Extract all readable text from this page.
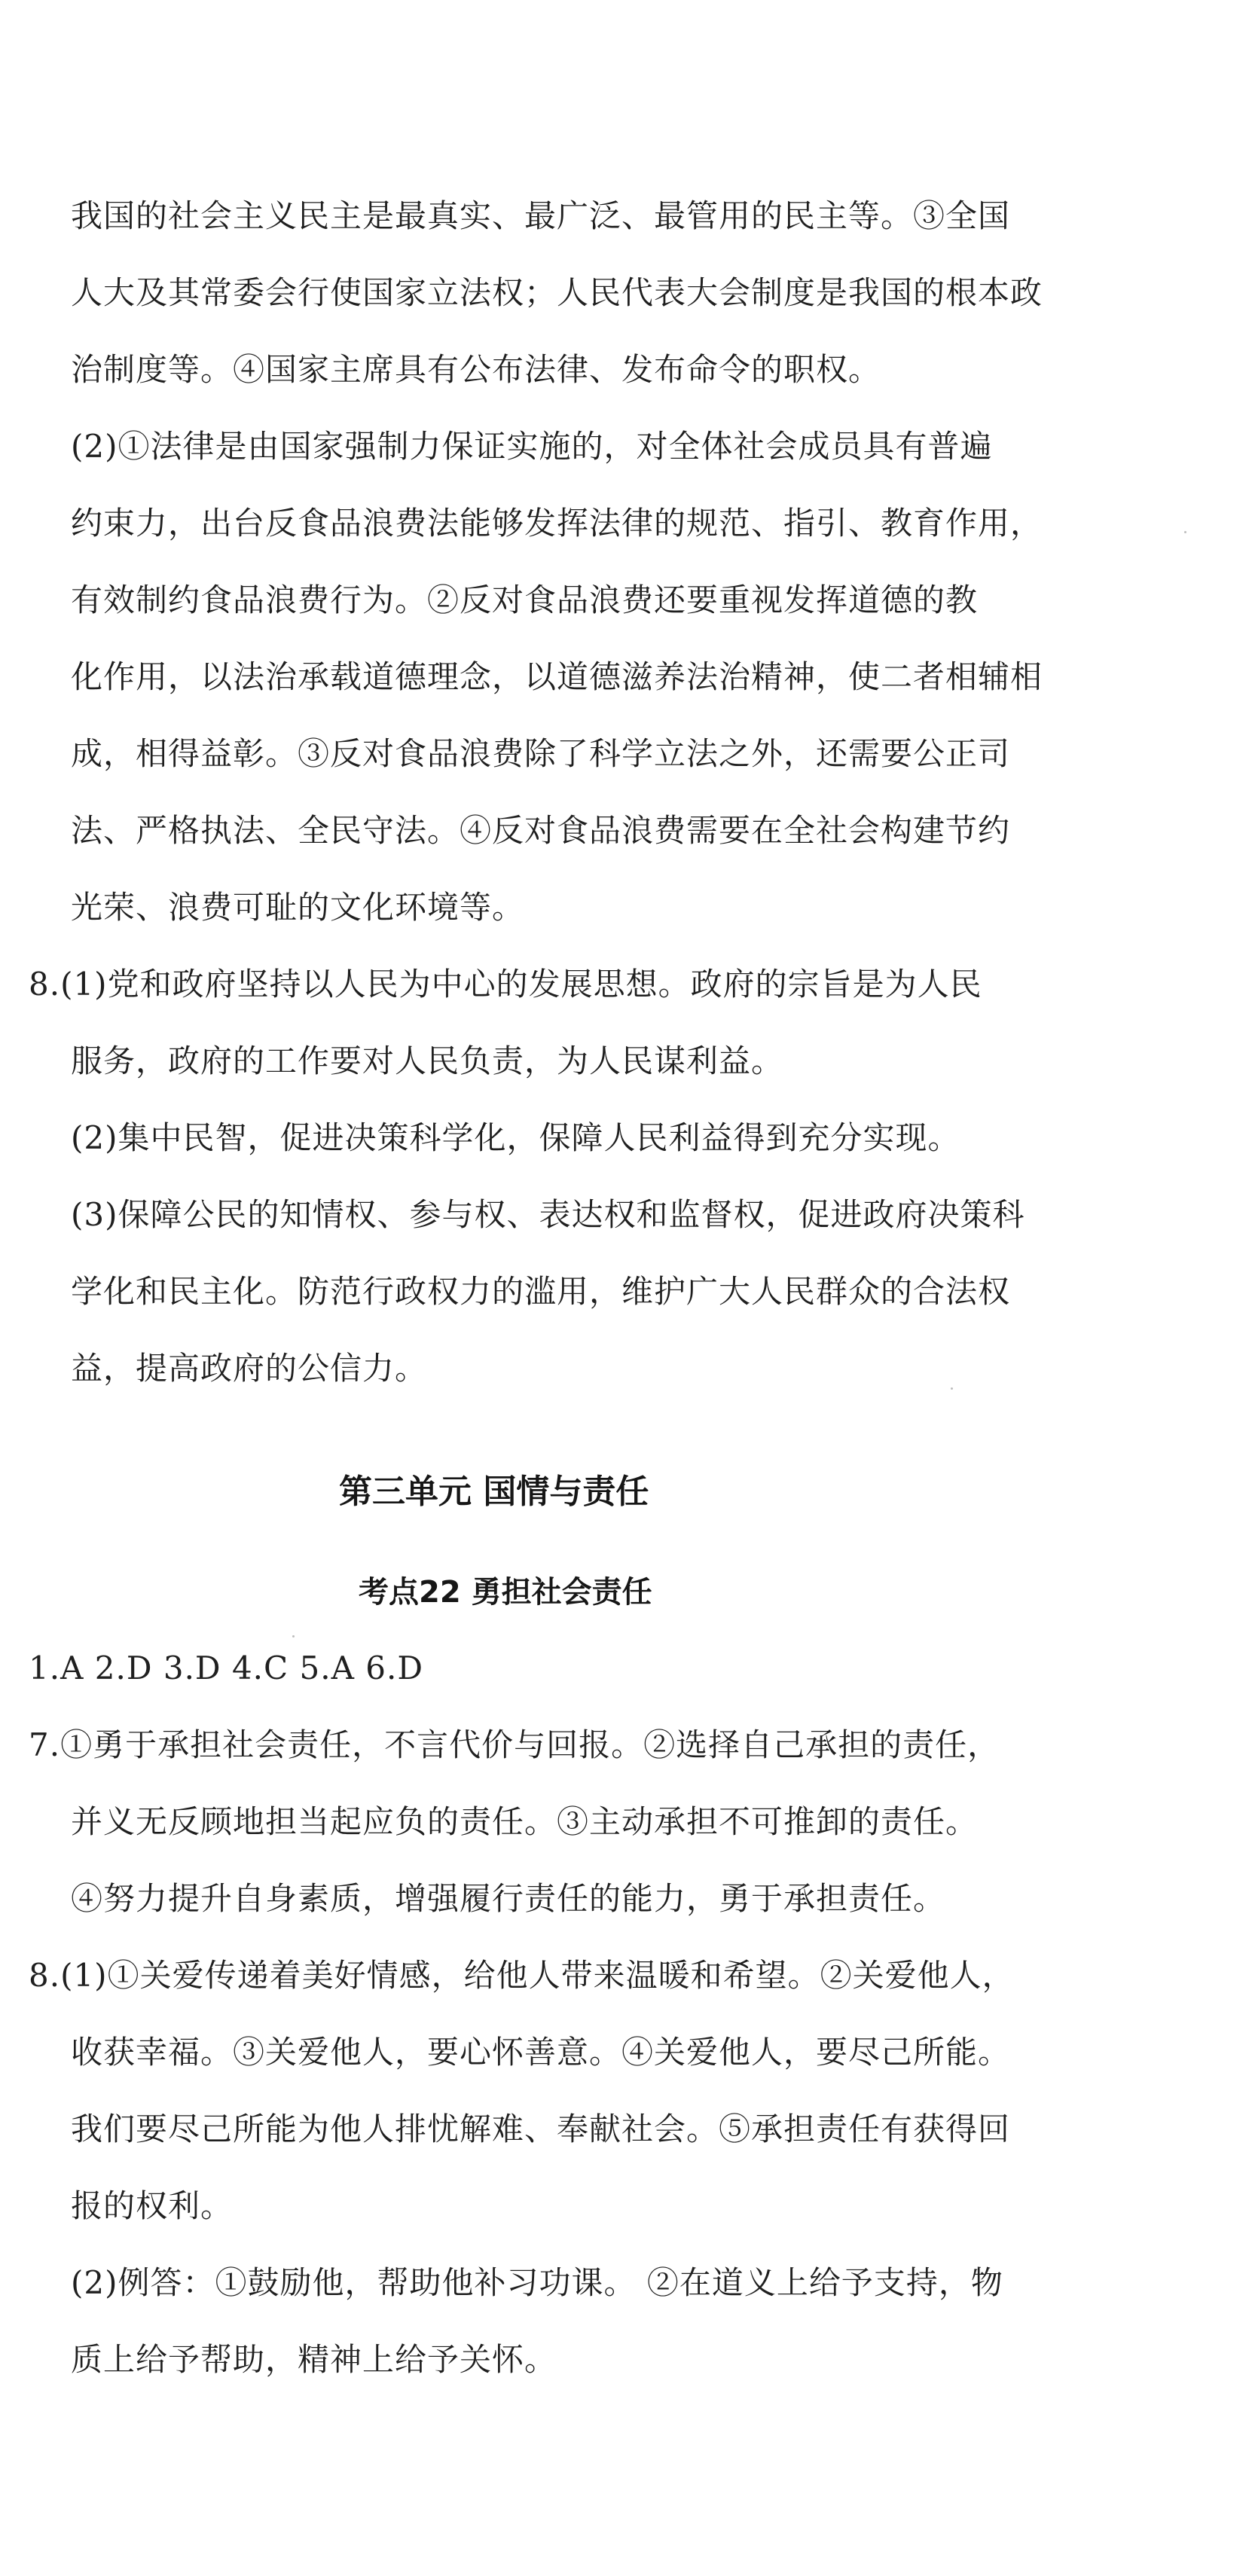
我国的社会主义民主是最真实、最广泛、最管用的民主等。③全国
人大及其常委会行使国家立法权；人民代表大会制度是我国的根本政
治制度等。④国家主席具有公布法律、发布命令的职权。
(2)①法律是由国家强制力保证实施的，对全体社会成员具有普遍
约束力，出台反食品浪费法能够发挥法律的规范、指引、教育作用，
有效制约食品浪费行为。②反对食品浪费还要重视发挥道德的教
化作用，以法治承载道德理念，以道德滋养法治精神，使二者相辅相
成，相得益彰。③反对食品浪费除了科学立法之外，还需要公正司
法、严格执法、全民守法。④反对食品浪费需要在全社会构建节约
光荣、浪费可耻的文化环境等。
8.(1)党和政府坚持以人民为中心的发展思想。政府的宗旨是为人民
服务，政府的工作要对人民负责，为人民谋利益。
(2)集中民智，促进决策科学化，保障人民利益得到充分实现。
(3)保障公民的知情权、参与权、表达权和监督权，促进政府决策科
学化和民主化。防范行政权力的滥用，维护广大人民群众的合法权
益，提高政府的公信力。
第三单元 国情与责任
考点22 勇担社会责任
1.A 2.D 3.D 4.C 5.A 6.D
7.①勇于承担社会责任，不言代价与回报。②选择自己承担的责任，
并义无反顾地担当起应负的责任。③主动承担不可推卸的责任。
④努力提升自身素质，增强履行责任的能力，勇于承担责任。
8.(1)①关爱传递着美好情感，给他人带来温暖和希望。②关爱他人，
收获幸福。③关爱他人，要心怀善意。④关爱他人，要尽己所能。
我们要尽己所能为他人排忧解难、奉献社会。⑤承担责任有获得回
报的权利。
(2)例答：①鼓励他，帮助他补习功课。 ②在道义上给予支持，物
质上给予帮助，精神上给予关怀。
